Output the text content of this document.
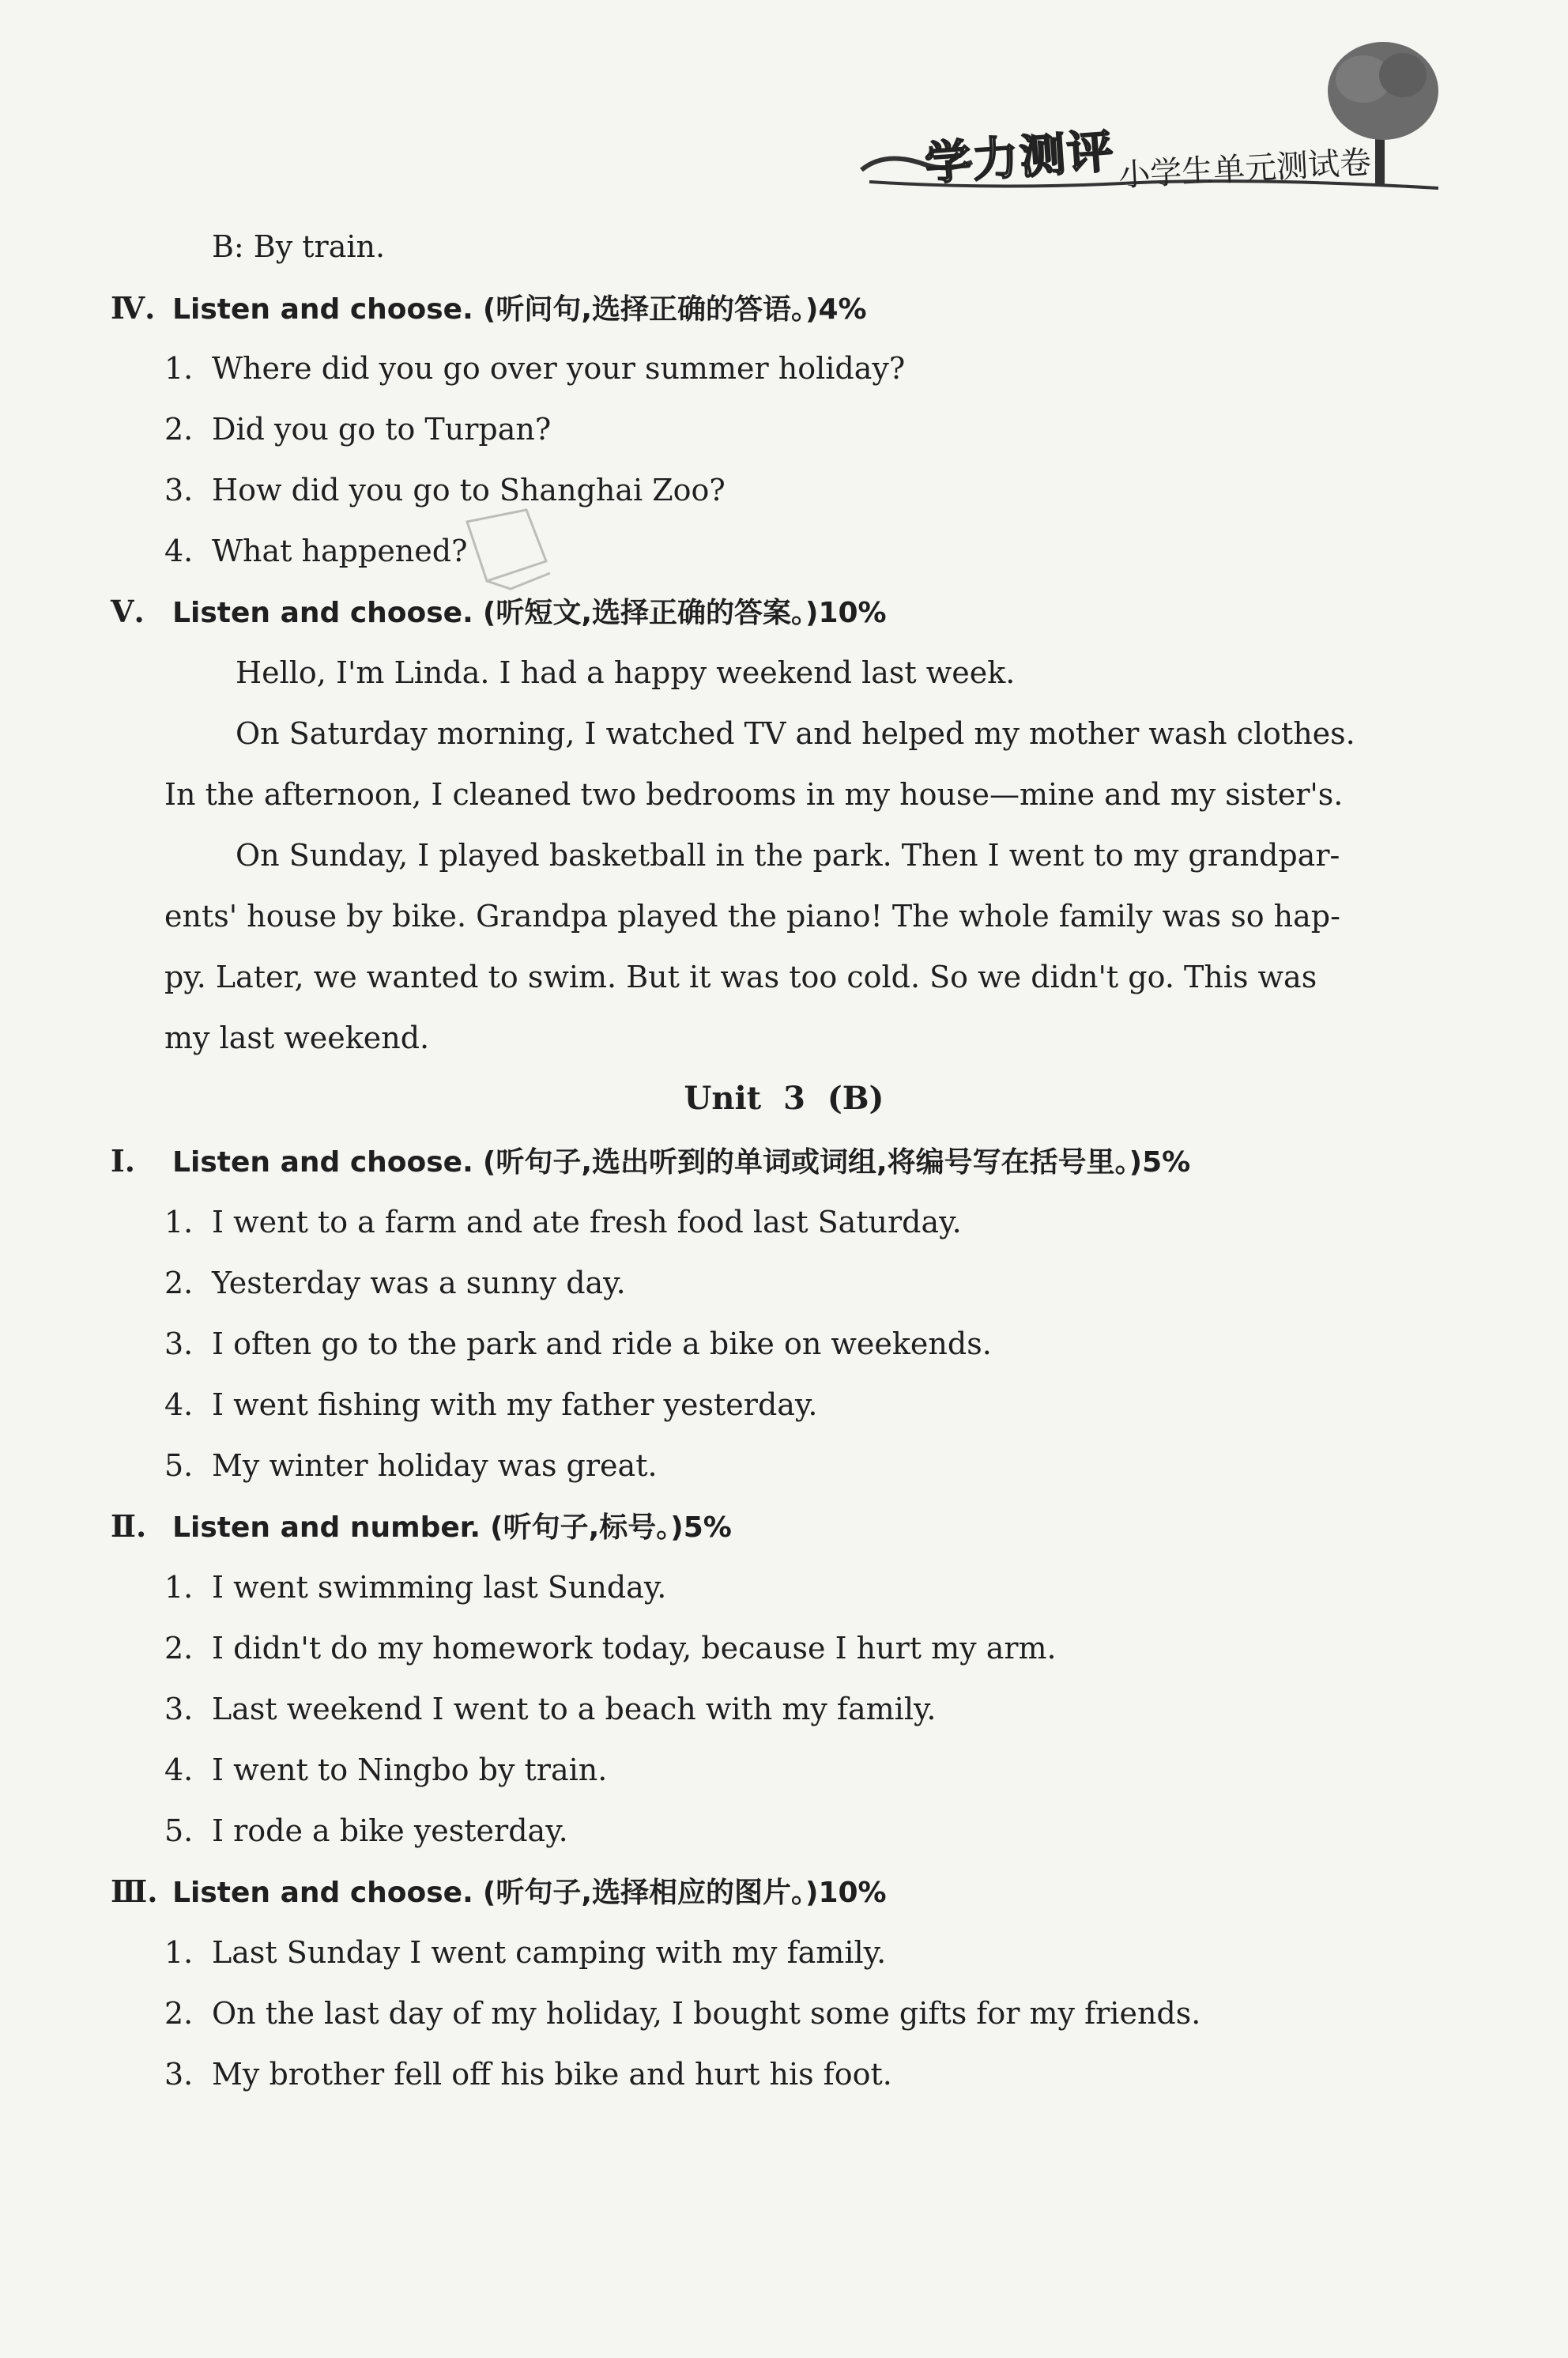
学力测评 小学生单元测试卷
B: By train.
Ⅳ. Listen and choose. (听问句,选择正确的答语。)4%
1. Where did you go over your summer holiday?
2. Did you go to Turpan?
3. How did you go to Shanghai Zoo?
4. What happened?
Ⅴ. Listen and choose. (听短文,选择正确的答案。)10%
Hello, I'm Linda. I had a happy weekend last week.
On Saturday morning, I watched TV and helped my mother wash clothes.
In the afternoon, I cleaned two bedrooms in my house—mine and my sister's.
On Sunday, I played basketball in the park. Then I went to my grandpar-
ents' house by bike. Grandpa played the piano! The whole family was so hap-
py. Later, we wanted to swim. But it was too cold. So we didn't go. This was
my last weekend.
Unit 3 (B)
Ⅰ. Listen and choose. (听句子,选出听到的单词或词组,将编号写在括号里。)5%
1. I went to a farm and ate fresh food last Saturday.
2. Yesterday was a sunny day.
3. I often go to the park and ride a bike on weekends.
4. I went fishing with my father yesterday.
5. My winter holiday was great.
Ⅱ. Listen and number. (听句子,标号。)5%
1. I went swimming last Sunday.
2. I didn't do my homework today, because I hurt my arm.
3. Last weekend I went to a beach with my family.
4. I went to Ningbo by train.
5. I rode a bike yesterday.
Ⅲ. Listen and choose. (听句子,选择相应的图片。)10%
1. Last Sunday I went camping with my family.
2. On the last day of my holiday, I bought some gifts for my friends.
3. My brother fell off his bike and hurt his foot.
